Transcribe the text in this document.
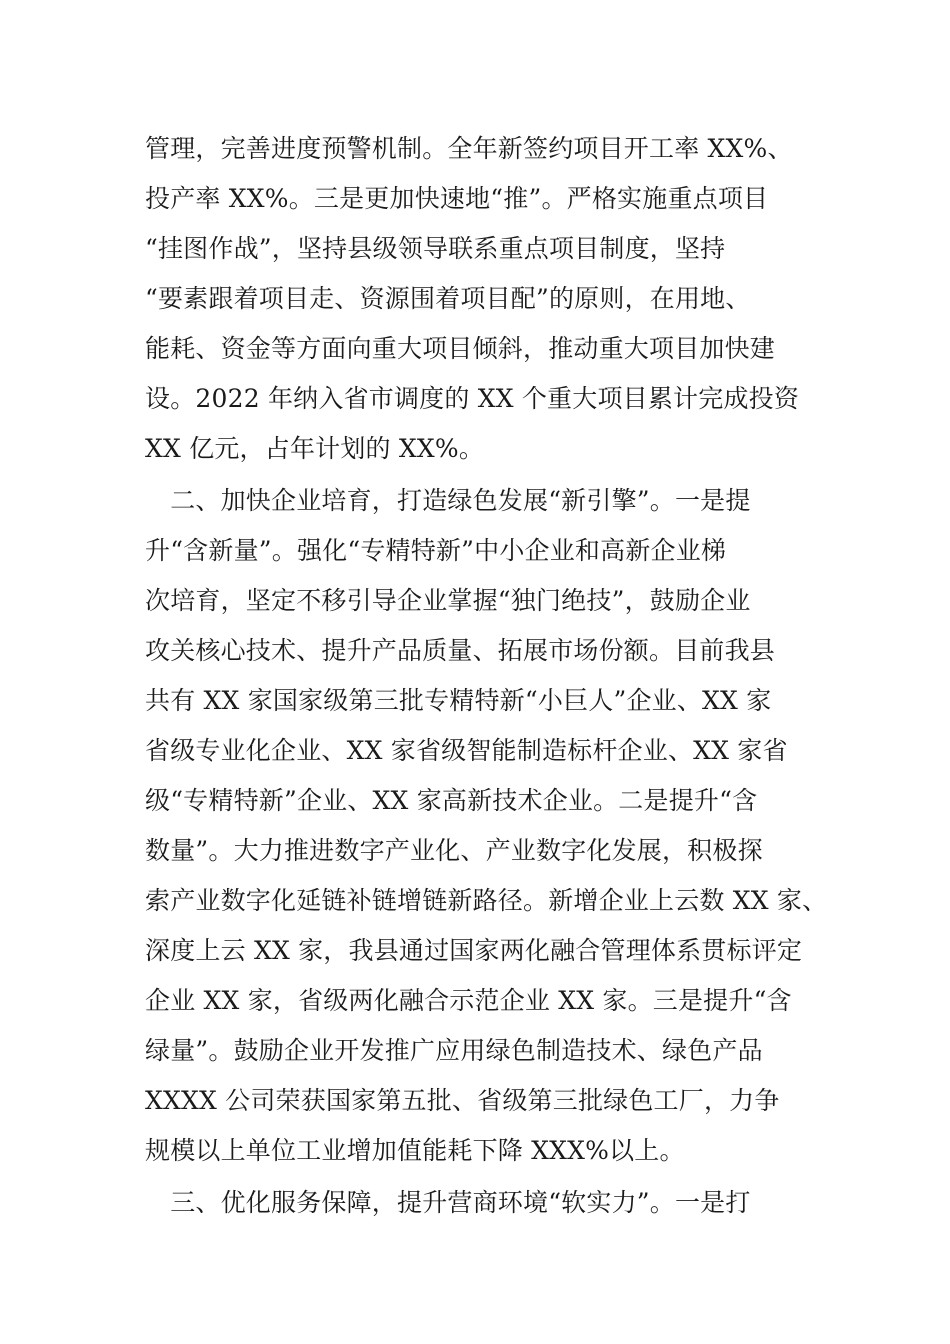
管理，完善进度预警机制。全年新签约项目开工率 XX%、
投产率 XX%。三是更加快速地“推”。严格实施重点项目
“挂图作战”，坚持县级领导联系重点项目制度，坚持
“要素跟着项目走、资源围着项目配”的原则，在用地、
能耗、资金等方面向重大项目倾斜，推动重大项目加快建
设。2022 年纳入省市调度的 XX 个重大项目累计完成投资
XX 亿元，占年计划的 XX%。
　二、加快企业培育，打造绿色发展“新引擎”。一是提
升“含新量”。强化“专精特新”中小企业和高新企业梯
次培育，坚定不移引导企业掌握“独门绝技”，鼓励企业
攻关核心技术、提升产品质量、拓展市场份额。目前我县
共有 XX 家国家级第三批专精特新“小巨人”企业、XX 家
省级专业化企业、XX 家省级智能制造标杆企业、XX 家省
级“专精特新”企业、XX 家高新技术企业。二是提升“含
数量”。大力推进数字产业化、产业数字化发展，积极探
索产业数字化延链补链增链新路径。新增企业上云数 XX 家、
深度上云 XX 家，我县通过国家两化融合管理体系贯标评定
企业 XX 家，省级两化融合示范企业 XX 家。三是提升“含
绿量”。鼓励企业开发推广应用绿色制造技术、绿色产品
XXXX 公司荣获国家第五批、省级第三批绿色工厂，力争
规模以上单位工业增加值能耗下降 XXX%以上。
　三、优化服务保障，提升营商环境“软实力”。一是打
